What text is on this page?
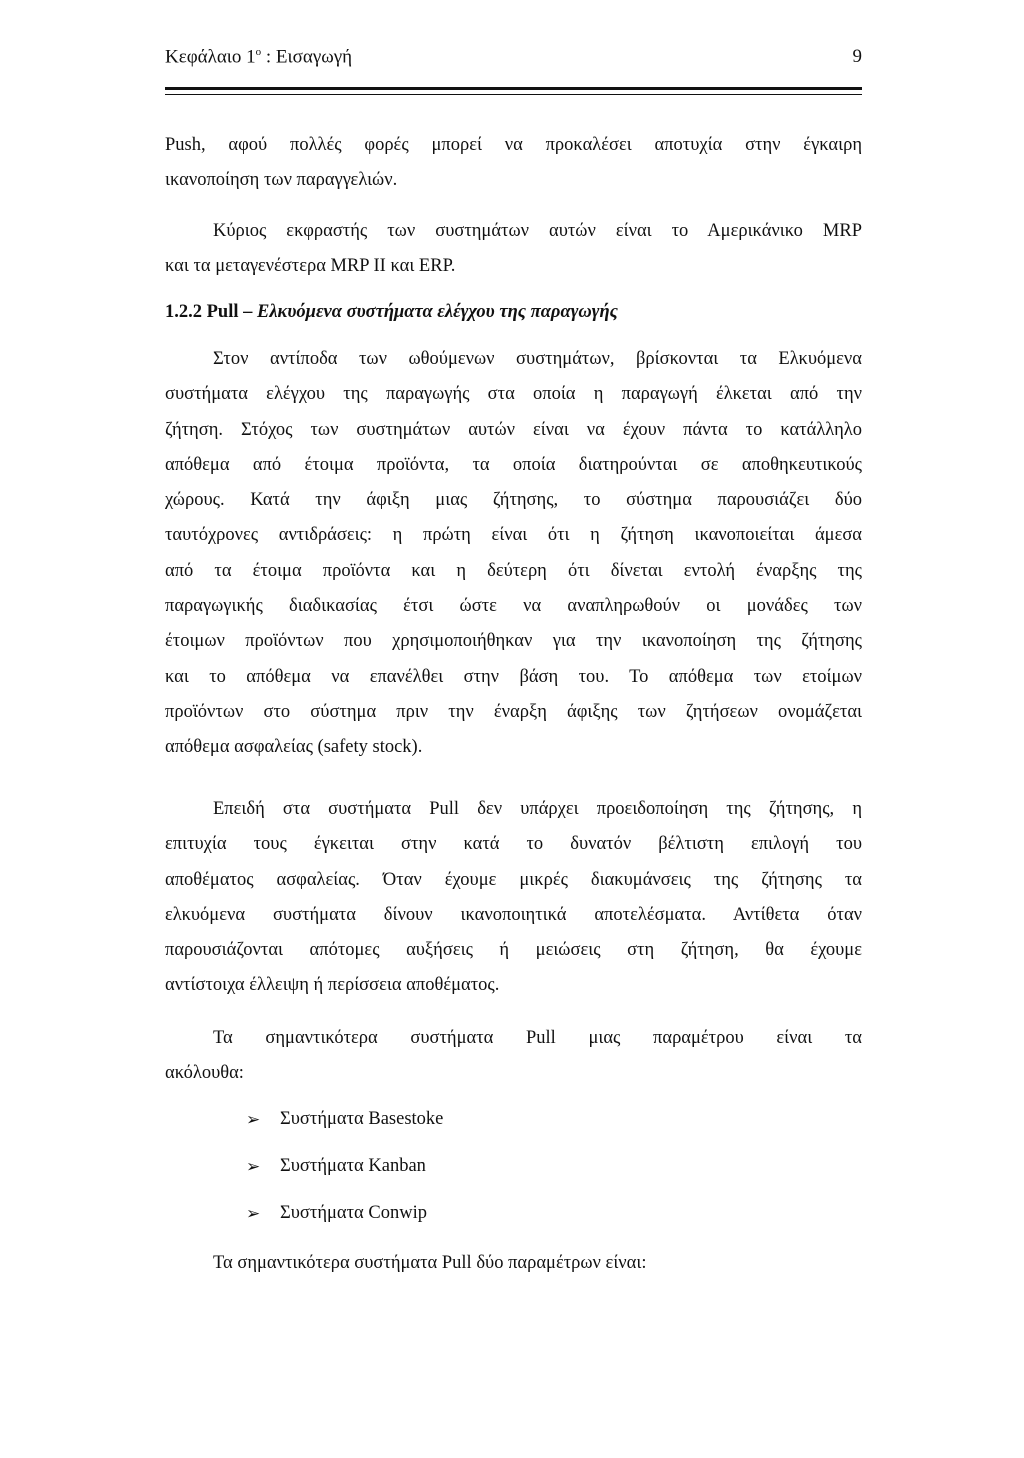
Κεφάλαιο $1^o$ : Εισαγωγή	9

Push, αφού πολλές φορές μπορεί να προκαλέσει αποτυχία στην έγκαιρη
ικανοποίηση των παραγγελιών.

Κύριος εκφραστής των συστημάτων αυτών είναι το Αμερικάνικο MRP
και τα μεταγενέστερα MRP II και ERP.

1.2.2 Pull – Ελκυόμενα συστήματα ελέγχου της παραγωγής

Στον αντίποδα των ωθούμενων συστημάτων, βρίσκονται τα Ελκυόμενα
συστήματα ελέγχου της παραγωγής στα οποία η παραγωγή έλκεται από την
ζήτηση. Στόχος των συστημάτων αυτών είναι να έχουν πάντα το κατάλληλο
απόθεμα από έτοιμα προϊόντα, τα οποία διατηρούνται σε αποθηκευτικούς
χώρους. Κατά την άφιξη μιας ζήτησης, το σύστημα παρουσιάζει δύο
ταυτόχρονες αντιδράσεις: η πρώτη είναι ότι η ζήτηση ικανοποιείται άμεσα
από τα έτοιμα προϊόντα και η δεύτερη ότι δίνεται εντολή έναρξης της
παραγωγικής διαδικασίας έτσι ώστε να αναπληρωθούν οι μονάδες των
έτοιμων προϊόντων που χρησιμοποιήθηκαν για την ικανοποίηση της ζήτησης
και το απόθεμα να επανέλθει στην βάση του. Το απόθεμα των ετοίμων
προϊόντων στο σύστημα πριν την έναρξη άφιξης των ζητήσεων ονομάζεται
απόθεμα ασφαλείας (safety stock).

Επειδή στα συστήματα Pull δεν υπάρχει προειδοποίηση της ζήτησης, η
επιτυχία τους έγκειται στην κατά το δυνατόν βέλτιστη επιλογή του
αποθέματος ασφαλείας. Όταν έχουμε μικρές διακυμάνσεις της ζήτησης τα
ελκυόμενα συστήματα δίνουν ικανοποιητικά αποτελέσματα. Αντίθετα όταν
παρουσιάζονται απότομες αυξήσεις ή μειώσεις στη ζήτηση, θα έχουμε
αντίστοιχα έλλειψη ή περίσσεια αποθέματος.

Τα σημαντικότερα συστήματα Pull μιας παραμέτρου είναι τα
ακόλουθα:

➢	Συστήματα Basestoke
➢	Συστήματα Kanban
➢	Συστήματα Conwip

Τα σημαντικότερα συστήματα Pull δύο παραμέτρων είναι:
